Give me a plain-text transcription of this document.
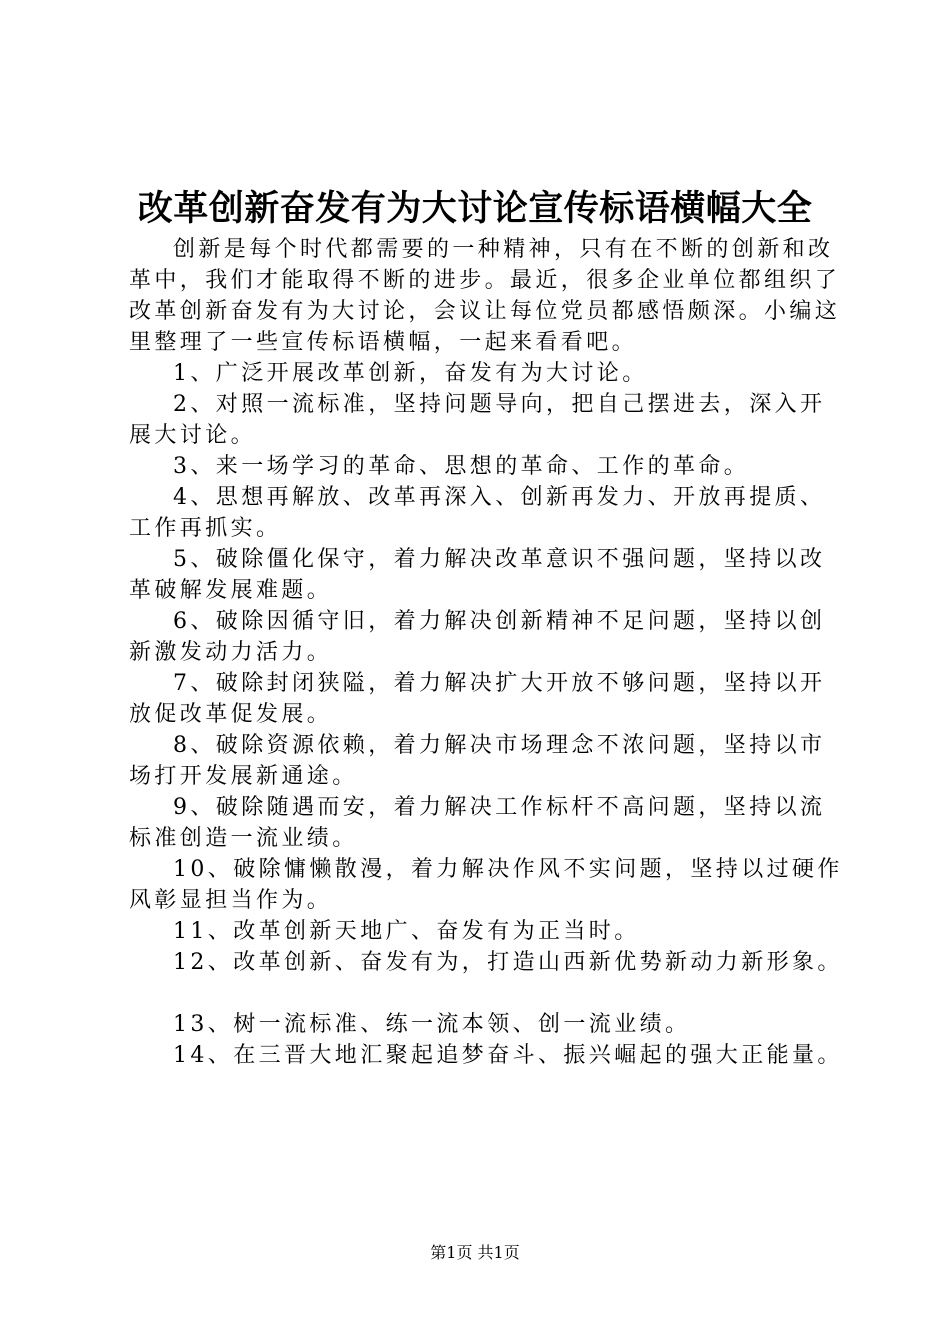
改革创新奋发有为大讨论宣传标语横幅大全

创新是每个时代都需要的一种精神，只有在不断的创新和改革中，我们才能取得不断的进步。最近，很多企业单位都组织了改革创新奋发有为大讨论，会议让每位党员都感悟颇深。小编这里整理了一些宣传标语横幅，一起来看看吧。

1、广泛开展改革创新，奋发有为大讨论。

2、对照一流标准，坚持问题导向，把自己摆进去，深入开展大讨论。

3、来一场学习的革命、思想的革命、工作的革命。

4、思想再解放、改革再深入、创新再发力、开放再提质、工作再抓实。

5、破除僵化保守，着力解决改革意识不强问题，坚持以改革破解发展难题。

6、破除因循守旧，着力解决创新精神不足问题，坚持以创新激发动力活力。

7、破除封闭狭隘，着力解决扩大开放不够问题，坚持以开放促改革促发展。

8、破除资源依赖，着力解决市场理念不浓问题，坚持以市场打开发展新通途。

9、破除随遇而安，着力解决工作标杆不高问题，坚持以流标准创造一流业绩。

10、破除慵懒散漫，着力解决作风不实问题，坚持以过硬作风彰显担当作为。

11、改革创新天地广、奋发有为正当时。

12、改革创新、奋发有为，打造山西新优势新动力新形象。

13、树一流标准、练一流本领、创一流业绩。

14、在三晋大地汇聚起追梦奋斗、振兴崛起的强大正能量。

第1页 共1页
